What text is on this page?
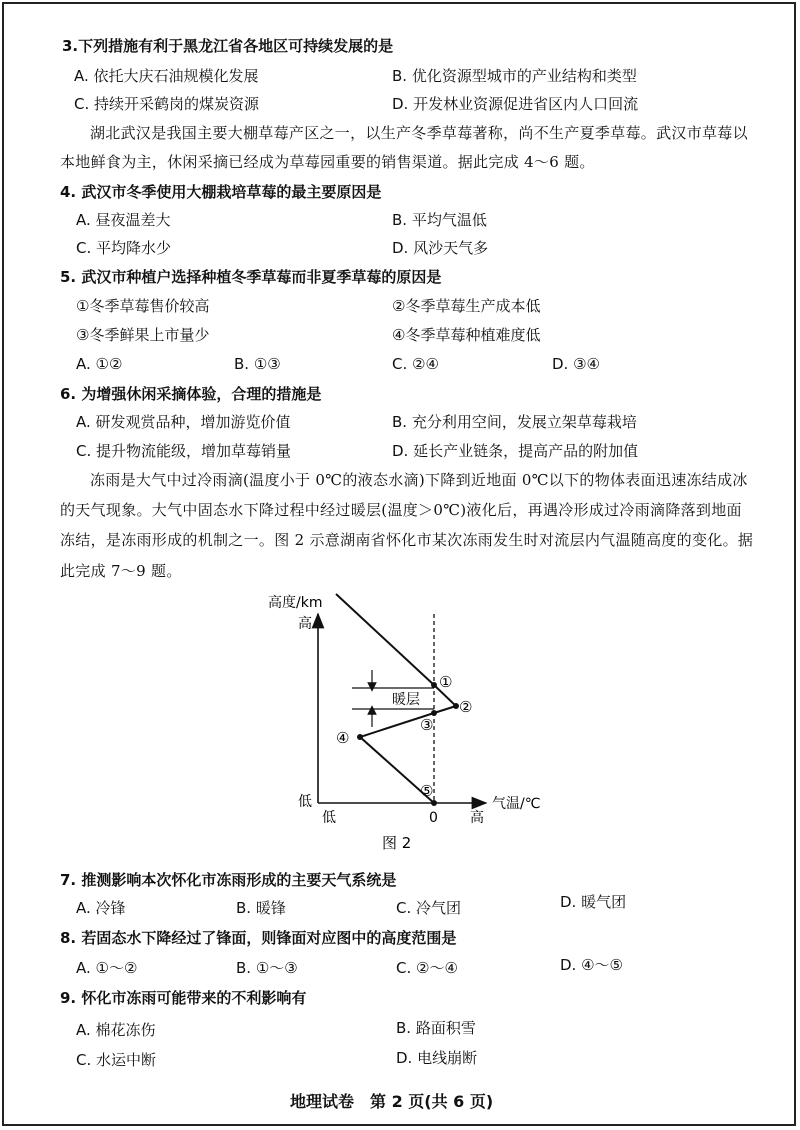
3.下列措施有利于黑龙江省各地区可持续发展的是
A. 依托大庆石油规模化发展	B. 优化资源型城市的产业结构和类型
C. 持续开采鹤岗的煤炭资源	D. 开发林业资源促进省区内人口回流
湖北武汉是我国主要大棚草莓产区之一，以生产冬季草莓著称，尚不生产夏季草莓。武汉市草莓以
本地鲜食为主，休闲采摘已经成为草莓园重要的销售渠道。据此完成 4～6 题。
4. 武汉市冬季使用大棚栽培草莓的最主要原因是
A. 昼夜温差大	B. 平均气温低
C. 平均降水少	D. 风沙天气多
5. 武汉市种植户选择种植冬季草莓而非夏季草莓的原因是
①冬季草莓售价较高	②冬季草莓生产成本低
③冬季鲜果上市量少	④冬季草莓种植难度低
A. ①②	B. ①③	C. ②④	D. ③④
6. 为增强休闲采摘体验，合理的措施是
A. 研发观赏品种，增加游览价值	B. 充分利用空间，发展立架草莓栽培
C. 提升物流能级，增加草莓销量	D. 延长产业链条，提高产品的附加值
冻雨是大气中过冷雨滴(温度小于 0℃的液态水滴)下降到近地面 0℃以下的物体表面迅速冻结成冰
的天气现象。大气中固态水下降过程中经过暖层(温度＞0℃)液化后，再遇冷形成过冷雨滴降落到地面
冻结，是冻雨形成的机制之一。图 2 示意湖南省怀化市某次冻雨发生时对流层内气温随高度的变化。据
此完成 7～9 题。
高度/km
高
低
低	0 高
气温/℃
暖层
①
②
③
④
⑤
图 2
7. 推测影响本次怀化市冻雨形成的主要天气系统是
A. 冷锋	B. 暖锋	C. 冷气团	D. 暖气团
8. 若固态水下降经过了锋面，则锋面对应图中的高度范围是
A. ①～②	B. ①～③	C. ②～④	D. ④～⑤
9. 怀化市冻雨可能带来的不利影响有
A. 棉花冻伤	B. 路面积雪
C. 水运中断	D. 电线崩断
地理试卷　第 2 页(共 6 页)
